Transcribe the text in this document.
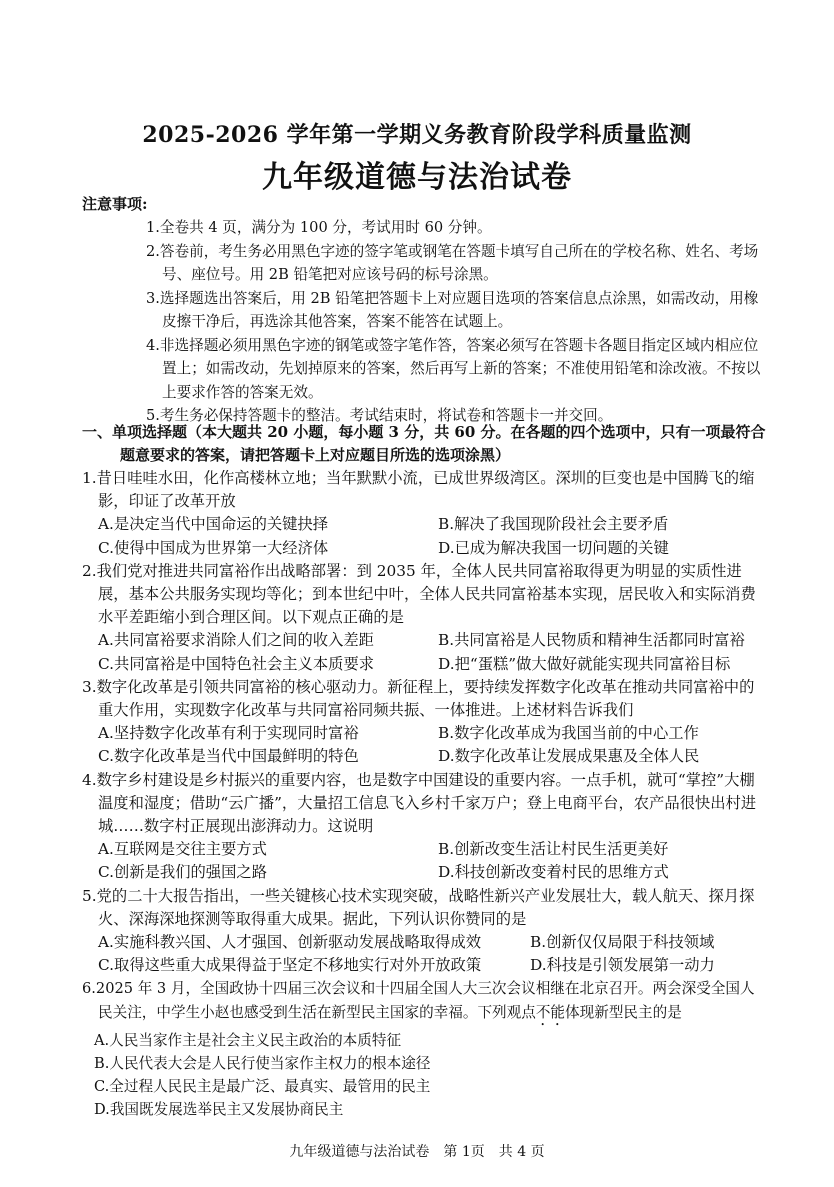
2025-2026 学年第一学期义务教育阶段学科质量监测
九年级道德与法治试卷
注意事项:

1.全卷共 4 页，满分为 100 分，考试用时 60 分钟。

2.答卷前，考生务必用黑色字迹的签字笔或钢笔在答题卡填写自己所在的学校名称、姓名、考场号、座位号。用 2B 铅笔把对应该号码的标号涂黑。

3.选择题选出答案后，用 2B 铅笔把答题卡上对应题目选项的答案信息点涂黑，如需改动，用橡皮擦干净后，再选涂其他答案，答案不能答在试题上。

4.非选择题必须用黑色字迹的钢笔或签字笔作答，答案必须写在答题卡各题目指定区域内相应位置上；如需改动，先划掉原来的答案，然后再写上新的答案；不准使用铅笔和涂改液。不按以上要求作答的答案无效。

5.考生务必保持答题卡的整洁。考试结束时，将试卷和答题卡一并交回。

一、单项选择题（本大题共 20 小题，每小题 3 分，共 60 分。在各题的四个选项中，只有一项最符合题意要求的答案，请把答题卡上对应题目所选的选项涂黑）
1.昔日哇哇水田，化作高楼林立地；当年默默小流，已成世界级湾区。深圳的巨变也是中国腾飞的缩影，印证了改革开放
A.是决定当代中国命运的关键抉择	B.解决了我国现阶段社会主要矛盾
C.使得中国成为世界第一大经济体	D.已成为解决我国一切问题的关键
2.我们党对推进共同富裕作出战略部署：到 2035 年，全体人民共同富裕取得更为明显的实质性进展，基本公共服务实现均等化；到本世纪中叶，全体人民共同富裕基本实现，居民收入和实际消费水平差距缩小到合理区间。以下观点正确的是
A.共同富裕要求消除人们之间的收入差距	B.共同富裕是人民物质和精神生活都同时富裕
C.共同富裕是中国特色社会主义本质要求	D.把“蛋糕”做大做好就能实现共同富裕目标
3.数字化改革是引领共同富裕的核心驱动力。新征程上，要持续发挥数字化改革在推动共同富裕中的重大作用，实现数字化改革与共同富裕同频共振、一体推进。上述材料告诉我们
A.坚持数字化改革有利于实现同时富裕	B.数字化改革成为我国当前的中心工作
C.数字化改革是当代中国最鲜明的特色	D.数字化改革让发展成果惠及全体人民
4.数字乡村建设是乡村振兴的重要内容，也是数字中国建设的重要内容。一点手机，就可“掌控”大棚温度和湿度；借助“云广播”，大量招工信息飞入乡村千家万户；登上电商平台，农产品很快出村进城……数字村正展现出澎湃动力。这说明
A.互联网是交往主要方式	B.创新改变生活让村民生活更美好
C.创新是我们的强国之路	D.科技创新改变着村民的思维方式
5.党的二十大报告指出，一些关键核心技术实现突破，战略性新兴产业发展壮大，载人航天、探月探火、深海深地探测等取得重大成果。据此，下列认识你赞同的是
A.实施科教兴国、人才强国、创新驱动发展战略取得成效	B.创新仅仅局限于科技领域
C.取得这些重大成果得益于坚定不移地实行对外开放政策	D.科技是引领发展第一动力
6.2025 年 3 月，全国政协十四届三次会议和十四届全国人大三次会议相继在北京召开。两会深受全国人民关注，中学生小赵也感受到生活在新型民主国家的幸福。下列观点不能体现新型民主的是
A.人民当家作主是社会主义民主政治的本质特征
B.人民代表大会是人民行使当家作主权力的根本途径
C.全过程人民民主是最广泛、最真实、最管用的民主
D.我国既发展选举民主又发展协商民主
九年级道德与法治试卷　第 1页　共 4 页
